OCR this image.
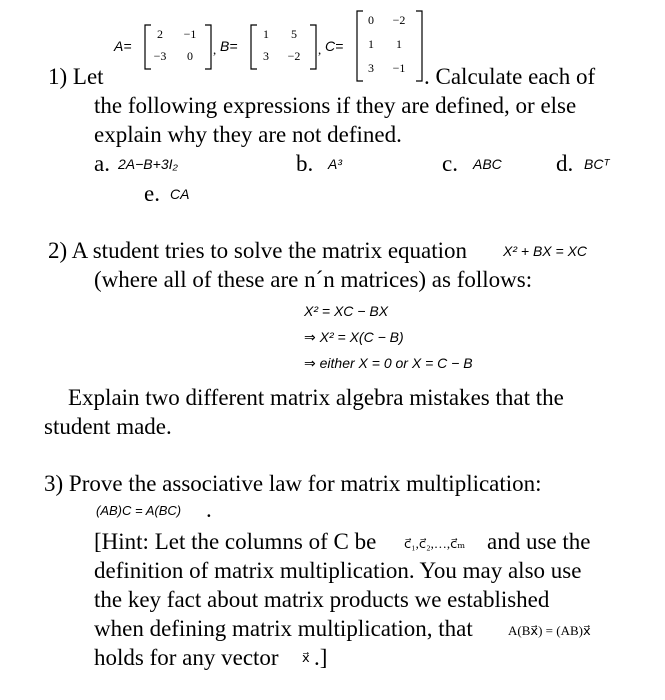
A=
2	−1
−3	0	, B=
1	5
3	−2	, C=
0	−2
1	1
3	−1
1) Let	. Calculate each of
the following expressions if they are defined, or else
explain why they are not defined.
a. 2A−B+3I₂	b. A³	c. ABC d. BCᵀ
e. CA
2) A student tries to solve the matrix equation	X² + BX = XC
(where all of these are n´n matrices) as follows:
X² = XC − BX
⇒ X² = X(C − B)
⇒ either X = 0 or X = C − B
Explain two different matrix algebra mistakes that the
student made.
3) Prove the associative law for matrix multiplication:
(AB)C = A(BC) .
[Hint: Let the columns of C be c⃗₁,c⃗₂,…,c⃗ₘ and use the
definition of matrix multiplication. You may also use
the key fact about matrix products we established
when defining matrix multiplication, that	A(Bx⃗) = (AB)x⃗
holds for any vector x⃗ .]
